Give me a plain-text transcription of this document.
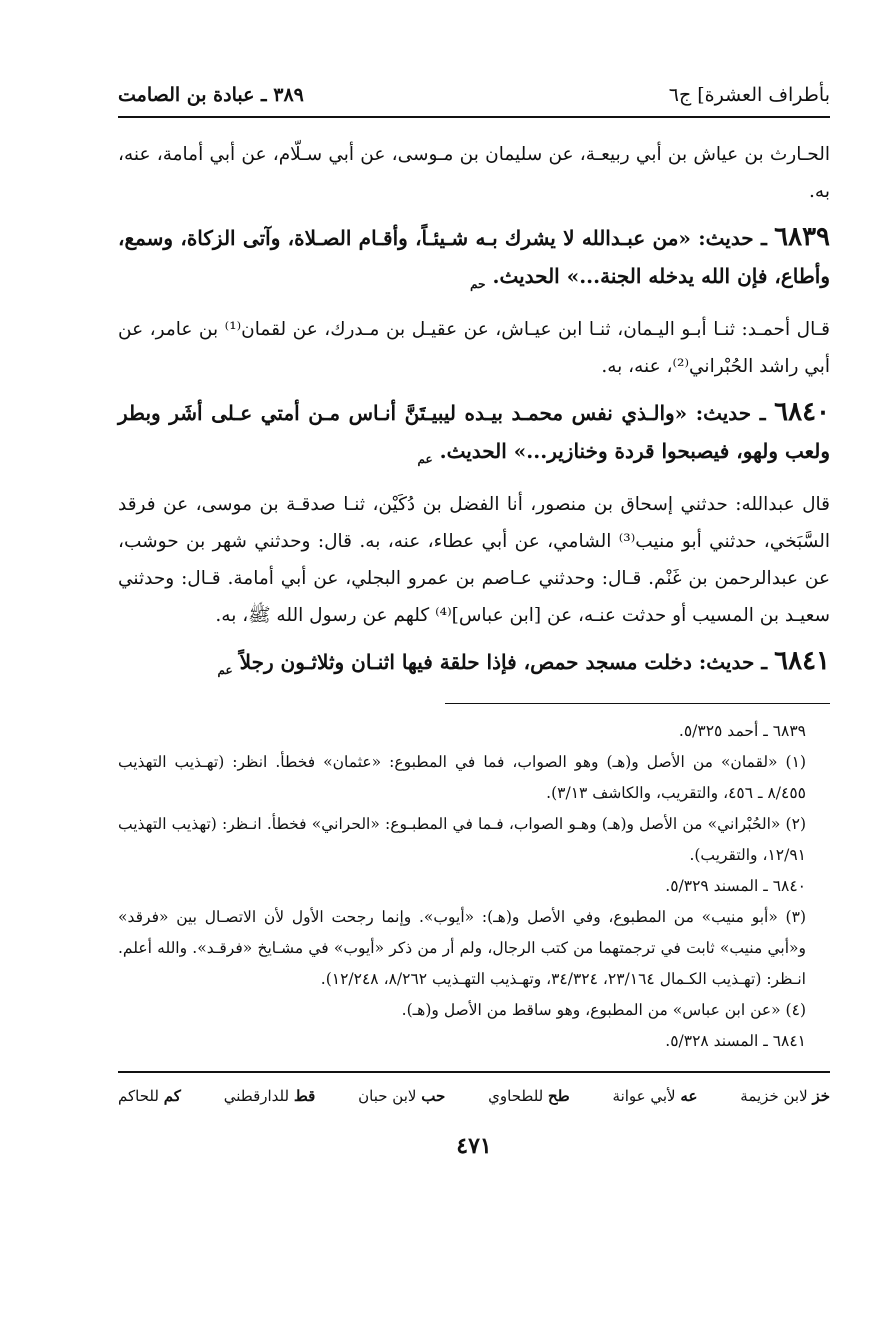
بأطراف العشرة] ج٦
٣٨٩ ـ عبادة بن الصامت

الحـارث بن عياش بن أبي ربيعـة، عن سليمان بن مـوسى، عن أبي سـلّام، عن أبي أمامة، عنه، به.

٦٨٣٩ ـ حديث: «من عبـدالله لا يشرك بـه شـيئـاً، وأقـام الصـلاة، وآتى الزكاة، وسمع، وأطاع، فإن الله يدخله الجنة...» الحديث. $_{حم}$

قـال أحمـد: ثنـا أبـو اليـمان، ثنـا ابن عيـاش، عن عقيـل بن مـدرك، عن لقمان⁽¹⁾ بن عامر، عن أبي راشد الحُبْراني⁽²⁾، عنه، به.

٦٨٤٠ ـ حديث: «والـذي نفس محمـد بيـده ليبيـتَنَّ أنـاس مـن أمتي عـلى أشَر وبطر ولعب ولهو، فيصبحوا قردة وخنازير...» الحديث. $_{عم}$

قال عبدالله: حدثني إسحاق بن منصور، أنا الفضل بن دُكَيْن، ثنـا صدقـة بن موسى، عن فرقد السَّبَخي، حدثني أبو منيب⁽³⁾ الشامي، عن أبي عطاء، عنه، به. قال: وحدثني شهر بن حوشب، عن عبدالرحمن بن غَنْم. قـال: وحدثني عـاصم بن عمرو البجلي، عن أبي أمامة. قـال: وحدثني سعيـد بن المسيب أو حدثت عنـه، عن [ابن عباس]⁽⁴⁾ كلهم عن رسول الله ﷺ، به.

٦٨٤١ ـ حديث: دخلت مسجد حمص، فإذا حلقة فيها اثنـان وثلاثـون رجلاً $_{عم}$

٦٨٣٩ ـ أحمد ٥/٣٢٥.

(١) «لقمان» من الأصل و(هـ) وهو الصواب، فما في المطبوع: «عثمان» فخطأ. انظر: (تهـذيب التهذيب ٨/٤٥٥ ـ ٤٥٦، والتقريب، والكاشف ٣/١٣).

(٢) «الحُبْراني» من الأصل و(هـ) وهـو الصواب، فـما في المطبـوع: «الحراني» فخطأ. انـظر: (تهذيب التهذيب ١٢/٩١، والتقريب).

٦٨٤٠ ـ المسند ٥/٣٢٩.

(٣) «أبو منيب» من المطبوع، وفي الأصل و(هـ): «أيوب». وإنما رجحت الأول لأن الاتصـال بين «فرقد» و«أبي منيب» ثابت في ترجمتهما من كتب الرجال، ولم أر من ذكر «أيوب» في مشـايخ «فرقـد». والله أعلم. انـظر: (تهـذيب الكـمال ٢٣/١٦٤، ٣٤/٣٢٤، وتهـذيب التهـذيب ٨/٢٦٢، ١٢/٢٤٨).

(٤) «عن ابن عباس» من المطبوع، وهو ساقط من الأصل و(هـ).

٦٨٤١ ـ المسند ٥/٣٢٨.

خز لابن خزيمة
عه لأبي عوانة
طح للطحاوي
حب لابن حبان
قط للدارقطني
كم للحاكم
٤٧١
